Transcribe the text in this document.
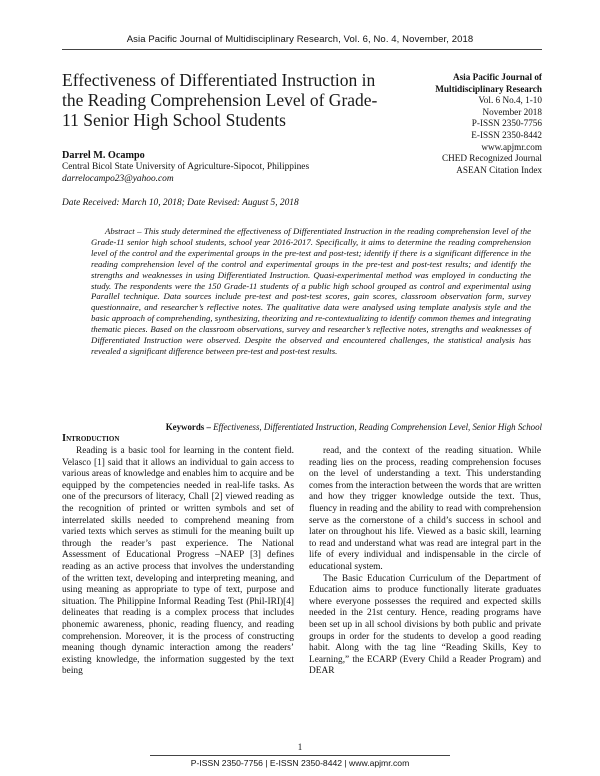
Asia Pacific Journal of Multidisciplinary Research, Vol. 6, No. 4, November, 2018
Effectiveness of Differentiated Instruction in the Reading Comprehension Level of Grade-11 Senior High School Students
Asia Pacific Journal of
Multidisciplinary Research
Vol. 6 No.4, 1-10
November 2018
P-ISSN 2350-7756
E-ISSN 2350-8442
www.apjmr.com
CHED Recognized Journal
ASEAN Citation Index
Darrel M. Ocampo
Central Bicol State University of Agriculture-Sipocot, Philippines
darrelocampo23@yahoo.com
Date Received: March 10, 2018; Date Revised: August 5, 2018

Abstract – This study determined the effectiveness of Differentiated Instruction in the reading comprehension level of the Grade-11 senior high school students, school year 2016-2017. Specifically, it aims to determine the reading comprehension level of the control and the experimental groups in the pre-test and post-test; identify if there is a significant difference in the reading comprehension level of the control and experimental groups in the pre-test and post-test results; and identify the strengths and weaknesses in using Differentiated Instruction. Quasi-experimental method was employed in conducting the study. The respondents were the 150 Grade-11 students of a public high school grouped as control and experimental using Parallel technique. Data sources include pre-test and post-test scores, gain scores, classroom observation form, survey questionnaire, and researcher’s reflective notes. The qualitative data were analysed using template analysis style and the basic approach of comprehending, synthesizing, theorizing and re-contextualizing to identify common themes and integrating thematic pieces. Based on the classroom observations, survey and researcher’s reflective notes, strengths and weaknesses of Differentiated Instruction were observed. Despite the observed and encountered challenges, the statistical analysis has revealed a significant difference between pre-test and post-test results.

Keywords – Effectiveness, Differentiated Instruction, Reading Comprehension Level, Senior High School
Introduction

Reading is a basic tool for learning in the content field. Velasco [1] said that it allows an individual to gain access to various areas of knowledge and enables him to acquire and be equipped by the competencies needed in real-life tasks. As one of the precursors of literacy, Chall [2] viewed reading as the recognition of printed or written symbols and set of interrelated skills needed to comprehend meaning from varied texts which serves as stimuli for the meaning built up through the reader’s past experience. The National Assessment of Educational Progress –NAEP [3] defines reading as an active process that involves the understanding of the written text, developing and interpreting meaning, and using meaning as appropriate to type of text, purpose and situation. The Philippine Informal Reading Test (Phil-IRI)[4] delineates that reading is a complex process that includes phonemic awareness, phonic, reading fluency, and reading comprehension. Moreover, it is the process of constructing meaning though dynamic interaction among the readers’ existing knowledge, the information suggested by the text being

read, and the context of the reading situation. While reading lies on the process, reading comprehension focuses on the level of understanding a text. This understanding comes from the interaction between the words that are written and how they trigger knowledge outside the text. Thus, fluency in reading and the ability to read with comprehension serve as the cornerstone of a child’s success in school and later on throughout his life. Viewed as a basic skill, learning to read and understand what was read are integral part in the life of every individual and indispensable in the circle of educational system.

The Basic Education Curriculum of the Department of Education aims to produce functionally literate graduates where everyone possesses the required and expected skills needed in the 21st century. Hence, reading programs have been set up in all school divisions by both public and private groups in order for the students to develop a good reading habit. Along with the tag line “Reading Skills, Key to Learning,” the ECARP (Every Child a Reader Program) and DEAR

1
P-ISSN 2350-7756 | E-ISSN 2350-8442 | www.apjmr.com
